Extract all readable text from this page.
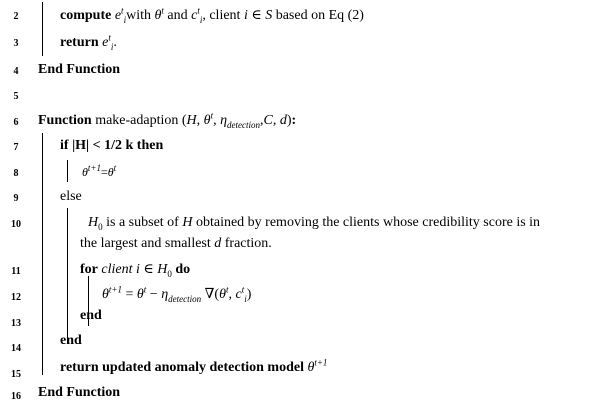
2
3
4
5
6
7
8
9
10
11
12
13
14
15
16
compute $e^t_iwith$ $\theta^t$ and $c^t_i$, client i ∈ S based on Eq (2)
return $e^t_i$.
End Function
Function make-adaption (H, $\theta^t$, $\eta_{detection},C$, d):
if |H| < 1/2 k then
$\theta^{t+1}=\theta^t$
else
$H_0$ is a subset of H obtained by removing the clients whose credibility score is in
the largest and smallest d fraction.
for client i ∈ $H_0$ do
$\theta^{t+1} = \theta^t - \eta_{detection}$ $\nabla(\theta^t$, $c^t_i$)
end
end
return updated anomaly detection model $\theta^{t+1}$
End Function
